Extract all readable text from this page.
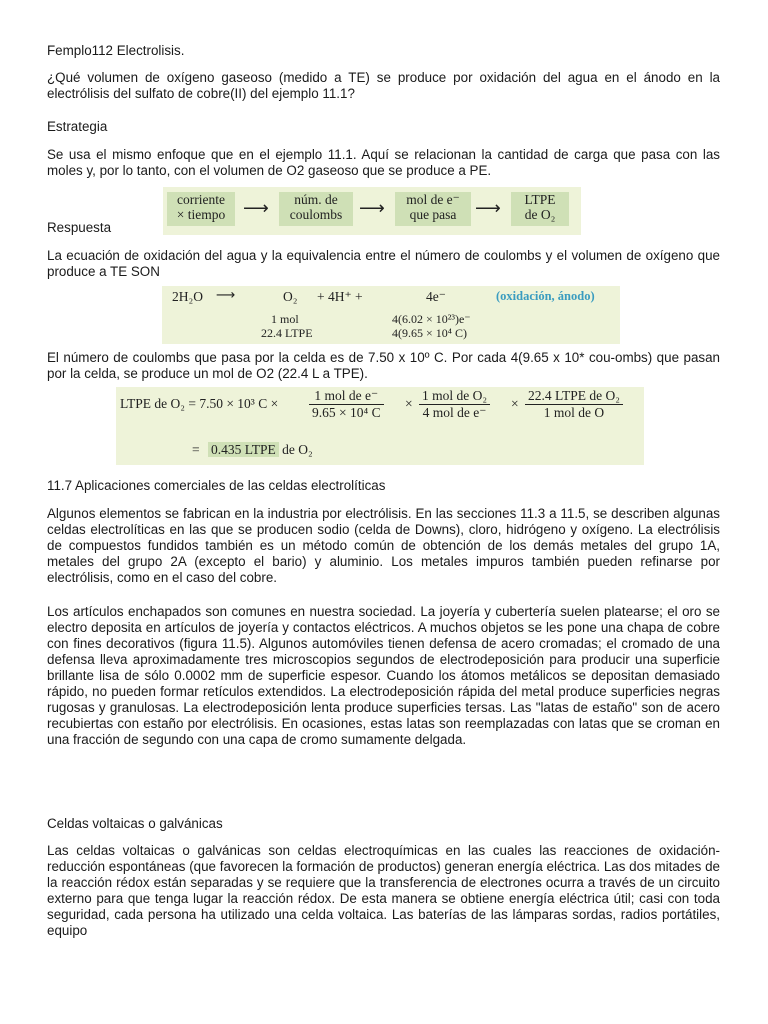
Femplo112 Electrolisis.

¿Qué volumen de oxígeno gaseoso (medido a TE) se produce por oxidación del agua en el ánodo en la electrólisis del sulfato de cobre(II) del ejemplo 11.1?

Estrategia

Se usa el mismo enfoque que en el ejemplo 11.1. Aquí se relacionan la cantidad de carga que pasa con las moles y, por lo tanto, con el volumen de O2 gaseoso que se produce a PE.

corriente
× tiempo ⟶	núm. de
coulombs ⟶	mol de e⁻
que pasa	⟶	LTPE
de O₂

Respuesta

La ecuación de oxidación del agua y la equivalencia entre el número de coulombs y el volumen de oxígeno que produce a TE SON

2H₂O ⟶	O₂ + 4H⁺ +	4e⁻	(oxidación, ánodo)
1 mol
22.4 LTPE
4(6.02 × 10²³)e⁻
4(9.65 × 10⁴ C)

El número de coulombs que pasa por la celda es de 7.50 x 10º C. Por cada 4(9.65 x 10* cou-ombs) que pasan por la celda, se produce un mol de O2 (22.4 L a TPE).

LTPE de O₂ = 7.50 × 10³ C ×
1 mol de e⁻
9.65 × 10⁴ C
×
1 mol de O₂
4 mol de e⁻
×
22.4 LTPE de O₂
1 mol de O
= 0.435 LTPE de O₂

11.7 Aplicaciones comerciales de las celdas electrolíticas

Algunos elementos se fabrican en la industria por electrólisis. En las secciones 11.3 a 11.5, se describen algunas celdas electrolíticas en las que se producen sodio (celda de Downs), cloro, hidrógeno y oxígeno. La electrólisis de compuestos fundidos también es un método común de obtención de los demás metales del grupo 1A, metales del grupo 2A (excepto el bario) y aluminio. Los metales impuros también pueden refinarse por electrólisis, como en el caso del cobre.

Los artículos enchapados son comunes en nuestra sociedad. La joyería y cubertería suelen platearse; el oro se electro deposita en artículos de joyería y contactos eléctricos. A muchos objetos se les pone una chapa de cobre con fines decorativos (figura 11.5). Algunos automóviles tienen defensa de acero cromadas; el cromado de una defensa lleva aproximadamente tres microscopios segundos de electrodeposición para producir una superficie brillante lisa de sólo 0.0002 mm de superficie espesor. Cuando los átomos metálicos se depositan demasiado rápido, no pueden formar retículos extendidos. La electrodeposición rápida del metal produce superficies negras rugosas y granulosas. La electrodeposición lenta produce superficies tersas. Las "latas de estaño" son de acero recubiertas con estaño por electrólisis. En ocasiones, estas latas son reemplazadas con latas que se croman en una fracción de segundo con una capa de cromo sumamente delgada.

Celdas voltaicas o galvánicas

Las celdas voltaicas o galvánicas son celdas electroquímicas en las cuales las reacciones de oxidación-reducción espontáneas (que favorecen la formación de productos) generan energía eléctrica. Las dos mitades de la reacción rédox están separadas y se requiere que la transferencia de electrones ocurra a través de un circuito externo para que tenga lugar la reacción rédox. De esta manera se obtiene energía eléctrica útil; casi con toda seguridad, cada persona ha utilizado una celda voltaica. Las baterías de las lámparas sordas, radios portátiles, equipo
